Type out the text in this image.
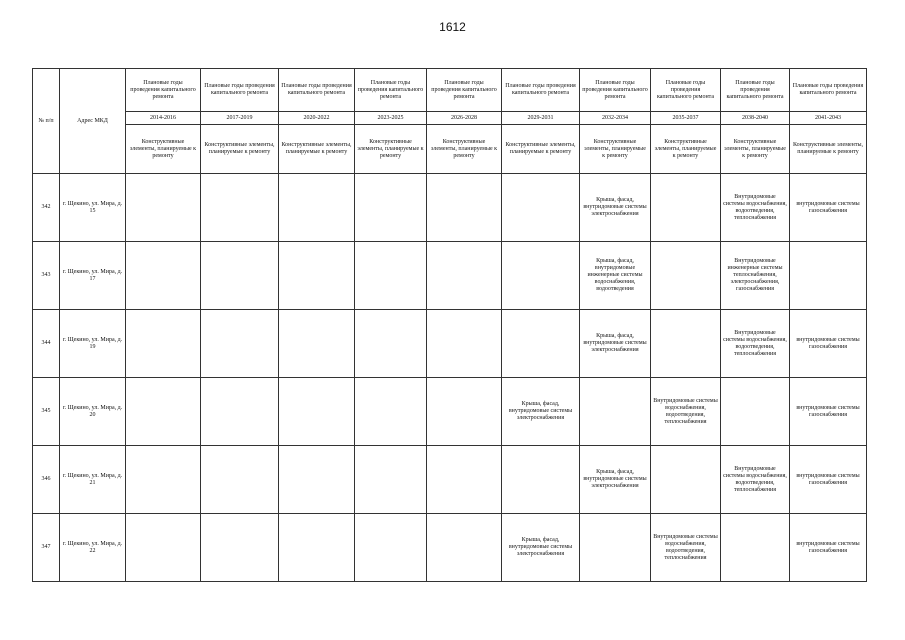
1612
№ п/п	Адрес МКД	Плановые годы проведения капитального ремонта	Плановые годы проведения капитального ремонта	Плановые годы проведения капитального ремонта	Плановые годы проведения капитального ремонта	Плановые годы проведения капитального ремонта	Плановые годы проведения капитального ремонта	Плановые годы проведения капитального ремонта	Плановые годы проведения капитального ремонта	Плановые годы проведения капитального ремонта	Плановые годы проведения капитального ремонта
		2014-2016	2017-2019	2020-2022	2023-2025	2026-2028	2029-2031	2032-2034	2035-2037	2038-2040	2041-2043
		Конструктивные элементы, планируемые к ремонту	Конструктивные элементы, планируемые к ремонту	Конструктивные элементы, планируемые к ремонту	Конструктивные элементы, планируемые к ремонту	Конструктивные элементы, планируемые к ремонту	Конструктивные элементы, планируемые к ремонту	Конструктивные элементы, планируемые к ремонту	Конструктивные элементы, планируемые к ремонту	Конструктивные элементы, планируемые к ремонту	Конструктивные элементы, планируемые к ремонту
342	г. Щекино, ул. Мира, д. 15							Крыша, фасад, внутридомовые системы электроснабжения		Внутридомовые системы водоснабжения, водоотведения, теплоснабжения	внутридомовые системы газоснабжения
343	г. Щекино, ул. Мира, д. 17							Крыша, фасад, внутридомовые инженерные системы водоснабжения, водоотведения		Внутридомовые инженерные системы теплоснабжения, электроснабжения, газоснабжения	
344	г. Щекино, ул. Мира, д. 19							Крыша, фасад, внутридомовые системы электроснабжения		Внутридомовые системы водоснабжения, водоотведения, теплоснабжения	внутридомовые системы газоснабжения
345	г. Щекино, ул. Мира, д. 20						Крыша, фасад, внутридомовые системы электроснабжения		Внутридомовые системы водоснабжения, водоотведения, теплоснабжения		внутридомовые системы газоснабжения
346	г. Щекино, ул. Мира, д. 21							Крыша, фасад, внутридомовые системы электроснабжения		Внутридомовые системы водоснабжения, водоотведения, теплоснабжения	внутридомовые системы газоснабжения
347	г. Щекино, ул. Мира, д. 22						Крыша, фасад, внутридомовые системы электроснабжения		Внутридомовые системы водоснабжения, водоотведения, теплоснабжения		внутридомовые системы газоснабжения
